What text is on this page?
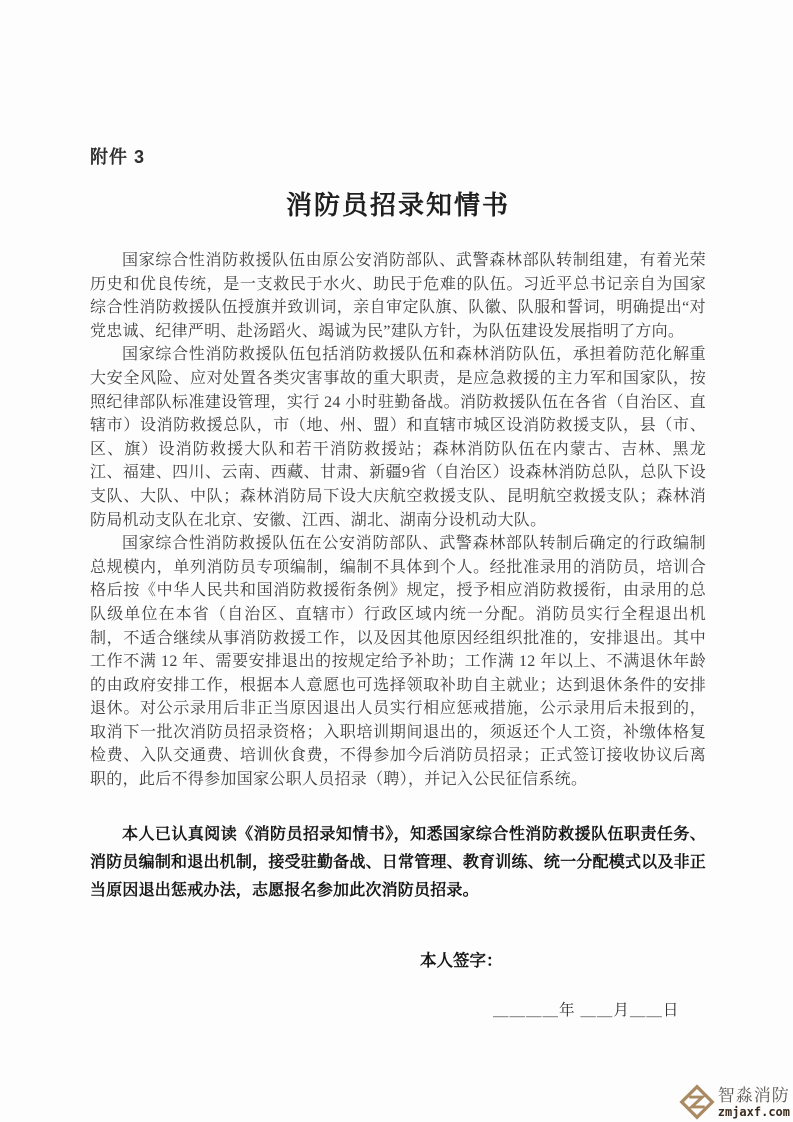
附件 3
消防员招录知情书

国家综合性消防救援队伍由原公安消防部队、武警森林部队转制组建，有着光荣历史和优良传统，是一支救民于水火、助民于危难的队伍。习近平总书记亲自为国家综合性消防救援队伍授旗并致训词，亲自审定队旗、队徽、队服和誓词，明确提出“对党忠诚、纪律严明、赴汤蹈火、竭诚为民”建队方针，为队伍建设发展指明了方向。

国家综合性消防救援队伍包括消防救援队伍和森林消防队伍，承担着防范化解重大安全风险、应对处置各类灾害事故的重大职责，是应急救援的主力军和国家队，按照纪律部队标准建设管理，实行 24 小时驻勤备战。消防救援队伍在各省（自治区、直辖市）设消防救援总队，市（地、州、盟）和直辖市城区设消防救援支队，县（市、区、旗）设消防救援大队和若干消防救援站；森林消防队伍在内蒙古、吉林、黑龙江、福建、四川、云南、西藏、甘肃、新疆9省（自治区）设森林消防总队，总队下设支队、大队、中队；森林消防局下设大庆航空救援支队、昆明航空救援支队；森林消防局机动支队在北京、安徽、江西、湖北、湖南分设机动大队。

国家综合性消防救援队伍在公安消防部队、武警森林部队转制后确定的行政编制总规模内，单列消防员专项编制，编制不具体到个人。经批准录用的消防员，培训合格后按《中华人民共和国消防救援衔条例》规定，授予相应消防救援衔，由录用的总队级单位在本省（自治区、直辖市）行政区域内统一分配。消防员实行全程退出机制，不适合继续从事消防救援工作，以及因其他原因经组织批准的，安排退出。其中工作不满 12 年、需要安排退出的按规定给予补助；工作满 12 年以上、不满退休年龄的由政府安排工作，根据本人意愿也可选择领取补助自主就业；达到退休条件的安排退休。对公示录用后非正当原因退出人员实行相应惩戒措施，公示录用后未报到的，取消下一批次消防员招录资格；入职培训期间退出的，须返还个人工资，补缴体格复检费、入队交通费、培训伙食费，不得参加今后消防员招录；正式签订接收协议后离职的，此后不得参加国家公职人员招录（聘），并记入公民征信系统。

本人已认真阅读《消防员招录知情书》，知悉国家综合性消防救援队伍职责任务、消防员编制和退出机制，接受驻勤备战、日常管理、教育训练、统一分配模式以及非正当原因退出惩戒办法，志愿报名参加此次消防员招录。

本人签字：
＿＿＿＿年 ＿＿月＿＿日
智淼消防
zmjaxf.com
